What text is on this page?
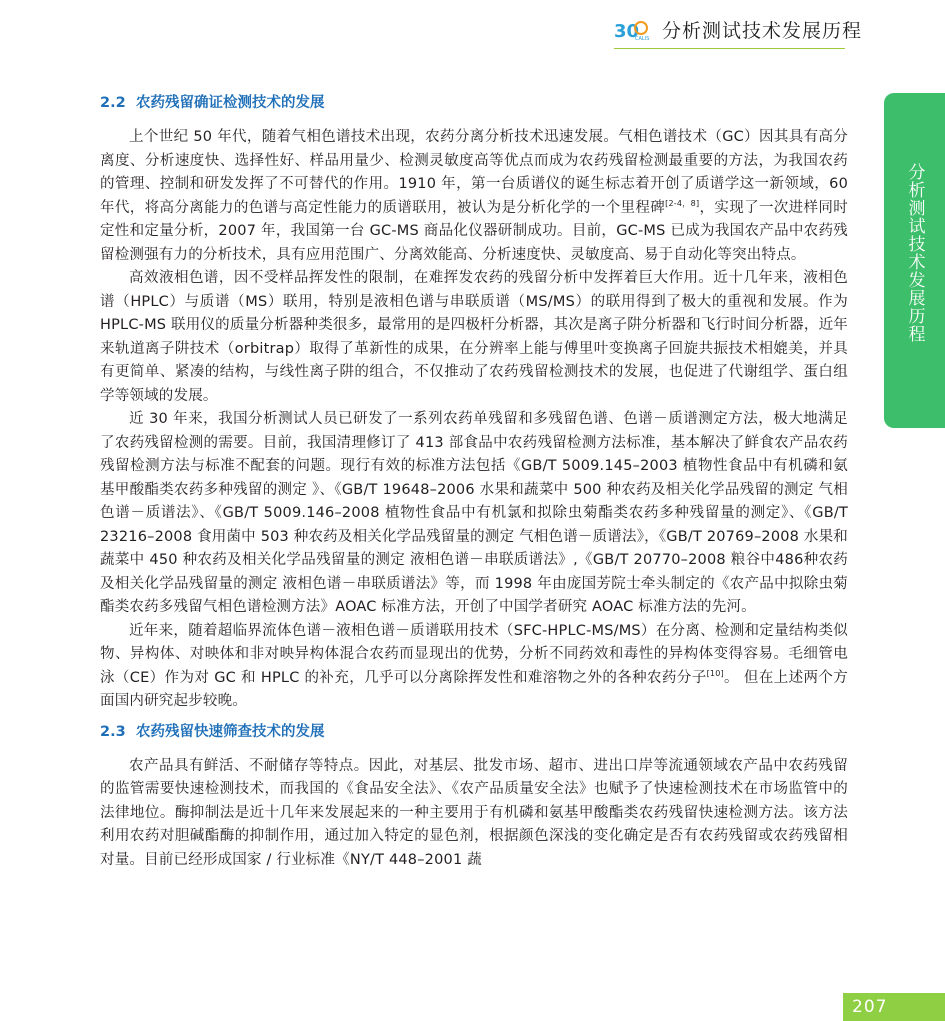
30
CALIS 分析测试技术发展历程
分析测试技术发展历程
2.2 农药残留确证检测技术的发展

上个世纪 50 年代，随着气相色谱技术出现，农药分离分析技术迅速发展。气相色谱技术（GC）因其具有高分离度、分析速度快、选择性好、样品用量少、检测灵敏度高等优点而成为农药残留检测最重要的方法，为我国农药的管理、控制和研发发挥了不可替代的作用。1910 年，第一台质谱仪的诞生标志着开创了质谱学这一新领域，60 年代，将高分离能力的色谱与高定性能力的质谱联用，被认为是分析化学的一个里程碑[2-4，8]，实现了一次进样同时定性和定量分析，2007 年，我国第一台 GC-MS 商品化仪器研制成功。目前，GC-MS 已成为我国农产品中农药残留检测强有力的分析技术，具有应用范围广、分离效能高、分析速度快、灵敏度高、易于自动化等突出特点。

高效液相色谱，因不受样品挥发性的限制，在难挥发农药的残留分析中发挥着巨大作用。近十几年来，液相色谱（HPLC）与质谱（MS）联用，特别是液相色谱与串联质谱（MS/MS）的联用得到了极大的重视和发展。作为 HPLC-MS 联用仪的质量分析器种类很多，最常用的是四极杆分析器，其次是离子阱分析器和飞行时间分析器，近年来轨道离子阱技术（orbitrap）取得了革新性的成果，在分辨率上能与傅里叶变换离子回旋共振技术相媲美，并具有更简单、紧凑的结构，与线性离子阱的组合，不仅推动了农药残留检测技术的发展，也促进了代谢组学、蛋白组学等领域的发展。

近 30 年来，我国分析测试人员已研发了一系列农药单残留和多残留色谱、色谱－质谱测定方法，极大地满足了农药残留检测的需要。目前，我国清理修订了 413 部食品中农药残留检测方法标准，基本解决了鲜食农产品农药残留检测方法与标准不配套的问题。现行有效的标准方法包括《GB/T 5009.145–2003 植物性食品中有机磷和氨基甲酸酯类农药多种残留的测定 》、《GB/T 19648–2006 水果和蔬菜中 500 种农药及相关化学品残留的测定 气相色谱－质谱法》、《GB/T 5009.146–2008 植物性食品中有机氯和拟除虫菊酯类农药多种残留量的测定》、《GB/T 23216–2008 食用菌中 503 种农药及相关化学品残留量的测定 气相色谱－质谱法》，《GB/T 20769–2008 水果和蔬菜中 450 种农药及相关化学品残留量的测定 液相色谱－串联质谱法》,《GB/T 20770–2008 粮谷中486种农药及相关化学品残留量的测定 液相色谱－串联质谱法》等，而 1998 年由庞国芳院士牵头制定的《农产品中拟除虫菊酯类农药多残留气相色谱检测方法》AOAC 标准方法，开创了中国学者研究 AOAC 标准方法的先河。

近年来，随着超临界流体色谱－液相色谱－质谱联用技术（SFC-HPLC-MS/MS）在分离、检测和定量结构类似物、异构体、对映体和非对映异构体混合农药而显现出的优势，分析不同药效和毒性的异构体变得容易。毛细管电泳（CE）作为对 GC 和 HPLC 的补充，几乎可以分离除挥发性和难溶物之外的各种农药分子[10]。 但在上述两个方面国内研究起步较晚。

2.3 农药残留快速筛查技术的发展

农产品具有鲜活、不耐储存等特点。因此，对基层、批发市场、超市、进出口岸等流通领域农产品中农药残留的监管需要快速检测技术，而我国的《食品安全法》、《农产品质量安全法》也赋予了快速检测技术在市场监管中的法律地位。酶抑制法是近十几年来发展起来的一种主要用于有机磷和氨基甲酸酯类农药残留快速检测方法。该方法利用农药对胆碱酯酶的抑制作用，通过加入特定的显色剂，根据颜色深浅的变化确定是否有农药残留或农药残留相对量。目前已经形成国家 / 行业标准《NY/T 448–2001 蔬

207
